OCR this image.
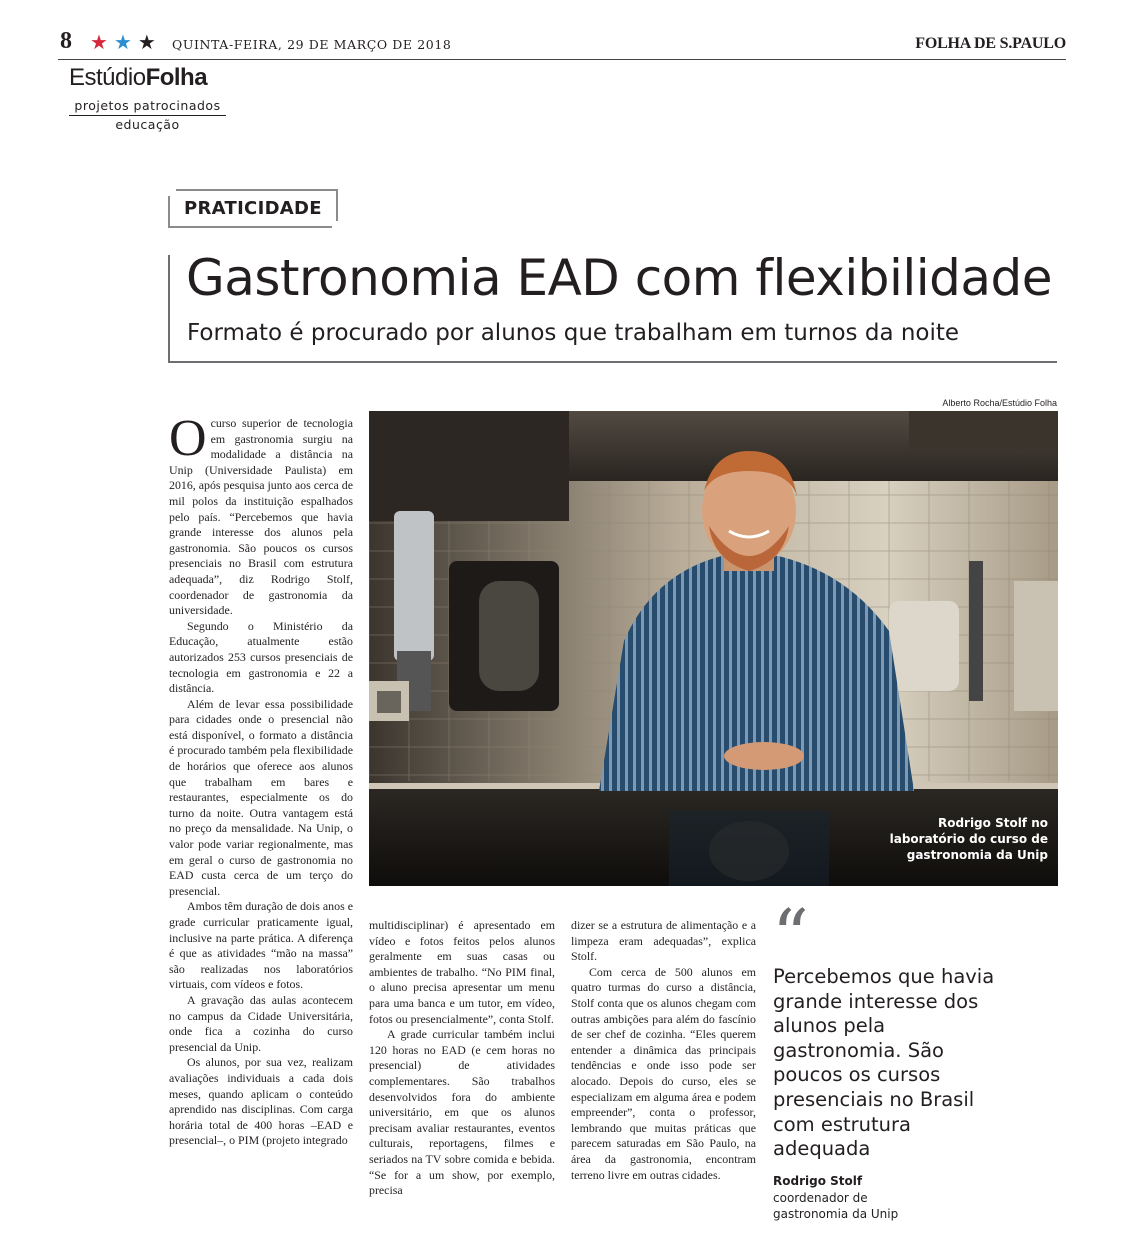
8 ★★★ QUINTA-FEIRA, 29 DE MARÇO DE 2018	FOLHA DE S.PAULO
EstúdioFolha
projetos patrocinados
educação
PRATICIDADE
Gastronomia EAD com flexibilidade
Formato é procurado por alunos que trabalham em turnos da noite
Alberto Rocha/Estúdio Folha
Rodrigo Stolf no laboratório do curso de gastronomia da Unip

Ocurso superior de tecnologia em gastronomia surgiu na modalidade a distância na Unip (Universidade Paulista) em 2016, após pesquisa junto aos cerca de mil polos da instituição espalhados pelo país. “Percebemos que havia grande interesse dos alunos pela gastronomia. São poucos os cursos presenciais no Brasil com estrutura adequada”, diz Rodrigo Stolf, coordenador de gastronomia da universidade.

Segundo o Ministério da Educação, atualmente estão autorizados 253 cursos presenciais de tecnologia em gastronomia e 22 a distância.

Além de levar essa possibilidade para cidades onde o presencial não está disponível, o formato a distância é procurado também pela flexibilidade de horários que oferece aos alunos que trabalham em bares e restaurantes, especialmente os do turno da noite. Outra vantagem está no preço da mensalidade. Na Unip, o valor pode variar regionalmente, mas em geral o curso de gastronomia no EAD custa cerca de um terço do presencial.

Ambos têm duração de dois anos e grade curricular praticamente igual, inclusive na parte prática. A diferença é que as atividades “mão na massa” são realizadas nos laboratórios virtuais, com vídeos e fotos.

A gravação das aulas acontecem no campus da Cidade Universitária, onde fica a cozinha do curso presencial da Unip.

Os alunos, por sua vez, realizam avaliações individuais a cada dois meses, quando aplicam o conteúdo aprendido nas disciplinas. Com carga horária total de 400 horas –EAD e presencial–, o PIM (projeto integrado

multidisciplinar) é apresentado em vídeo e fotos feitos pelos alunos geralmente em suas casas ou ambientes de trabalho. “No PIM final, o aluno precisa apresentar um menu para uma banca e um tutor, em vídeo, fotos ou presencialmente”, conta Stolf.

A grade curricular também inclui 120 horas no EAD (e cem horas no presencial) de atividades complementares. São trabalhos desenvolvidos fora do ambiente universitário, em que os alunos precisam avaliar restaurantes, eventos culturais, reportagens, filmes e seriados na TV sobre comida e bebida. “Se for a um show, por exemplo, precisa

dizer se a estrutura de alimentação e a limpeza eram adequadas”, explica Stolf.

Com cerca de 500 alunos em quatro turmas do curso a distância, Stolf conta que os alunos chegam com outras ambições para além do fascínio de ser chef de cozinha. “Eles querem entender a dinâmica das principais tendências e onde isso pode ser alocado. Depois do curso, eles se especializam em alguma área e podem empreender”, conta o professor, lembrando que muitas práticas que parecem saturadas em São Paulo, na área da gastronomia, encontram terreno livre em outras cidades.

“
Percebemos que havia grande interesse dos alunos pela gastronomia. São poucos os cursos presenciais no Brasil com estrutura adequada
Rodrigo Stolf
coordenador de gastronomia da Unip
